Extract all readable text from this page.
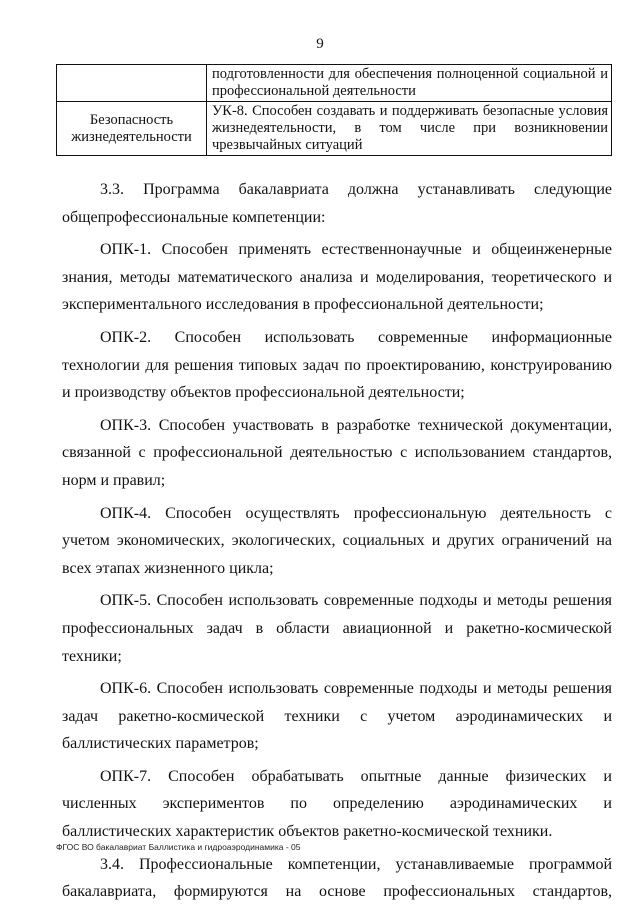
9
	подготовленности для обеспечения полноценной социальной и профессиональной деятельности
Безопасность жизнедеятельности	УК-8. Способен создавать и поддерживать безопасные условия жизнедеятельности, в том числе при возникновении чрезвычайных ситуаций

3.3. Программа бакалавриата должна устанавливать следующие общепрофессиональные компетенции:

ОПК-1. Способен применять естественнонаучные и общеинженерные знания, методы математического анализа и моделирования, теоретического и экспериментального исследования в профессиональной деятельности;

ОПК-2. Способен использовать современные информационные технологии для решения типовых задач по проектированию, конструированию и производству объектов профессиональной деятельности;

ОПК-3. Способен участвовать в разработке технической документации, связанной с профессиональной деятельностью с использованием стандартов, норм и правил;

ОПК-4. Способен осуществлять профессиональную деятельность с учетом экономических, экологических, социальных и других ограничений на всех этапах жизненного цикла;

ОПК-5. Способен использовать современные подходы и методы решения профессиональных задач в области авиационной и ракетно-космической техники;

ОПК-6. Способен использовать современные подходы и методы решения задач ракетно-космической техники с учетом аэродинамических и баллистических параметров;

ОПК-7. Способен обрабатывать опытные данные физических и численных экспериментов по определению аэродинамических и баллистических характеристик объектов ракетно-космической техники.

3.4. Профессиональные компетенции, устанавливаемые программой бакалавриата, формируются на основе профессиональных стандартов,

ФГОС ВО бакалавриат Баллистика и гидроаэродинамика - 05
